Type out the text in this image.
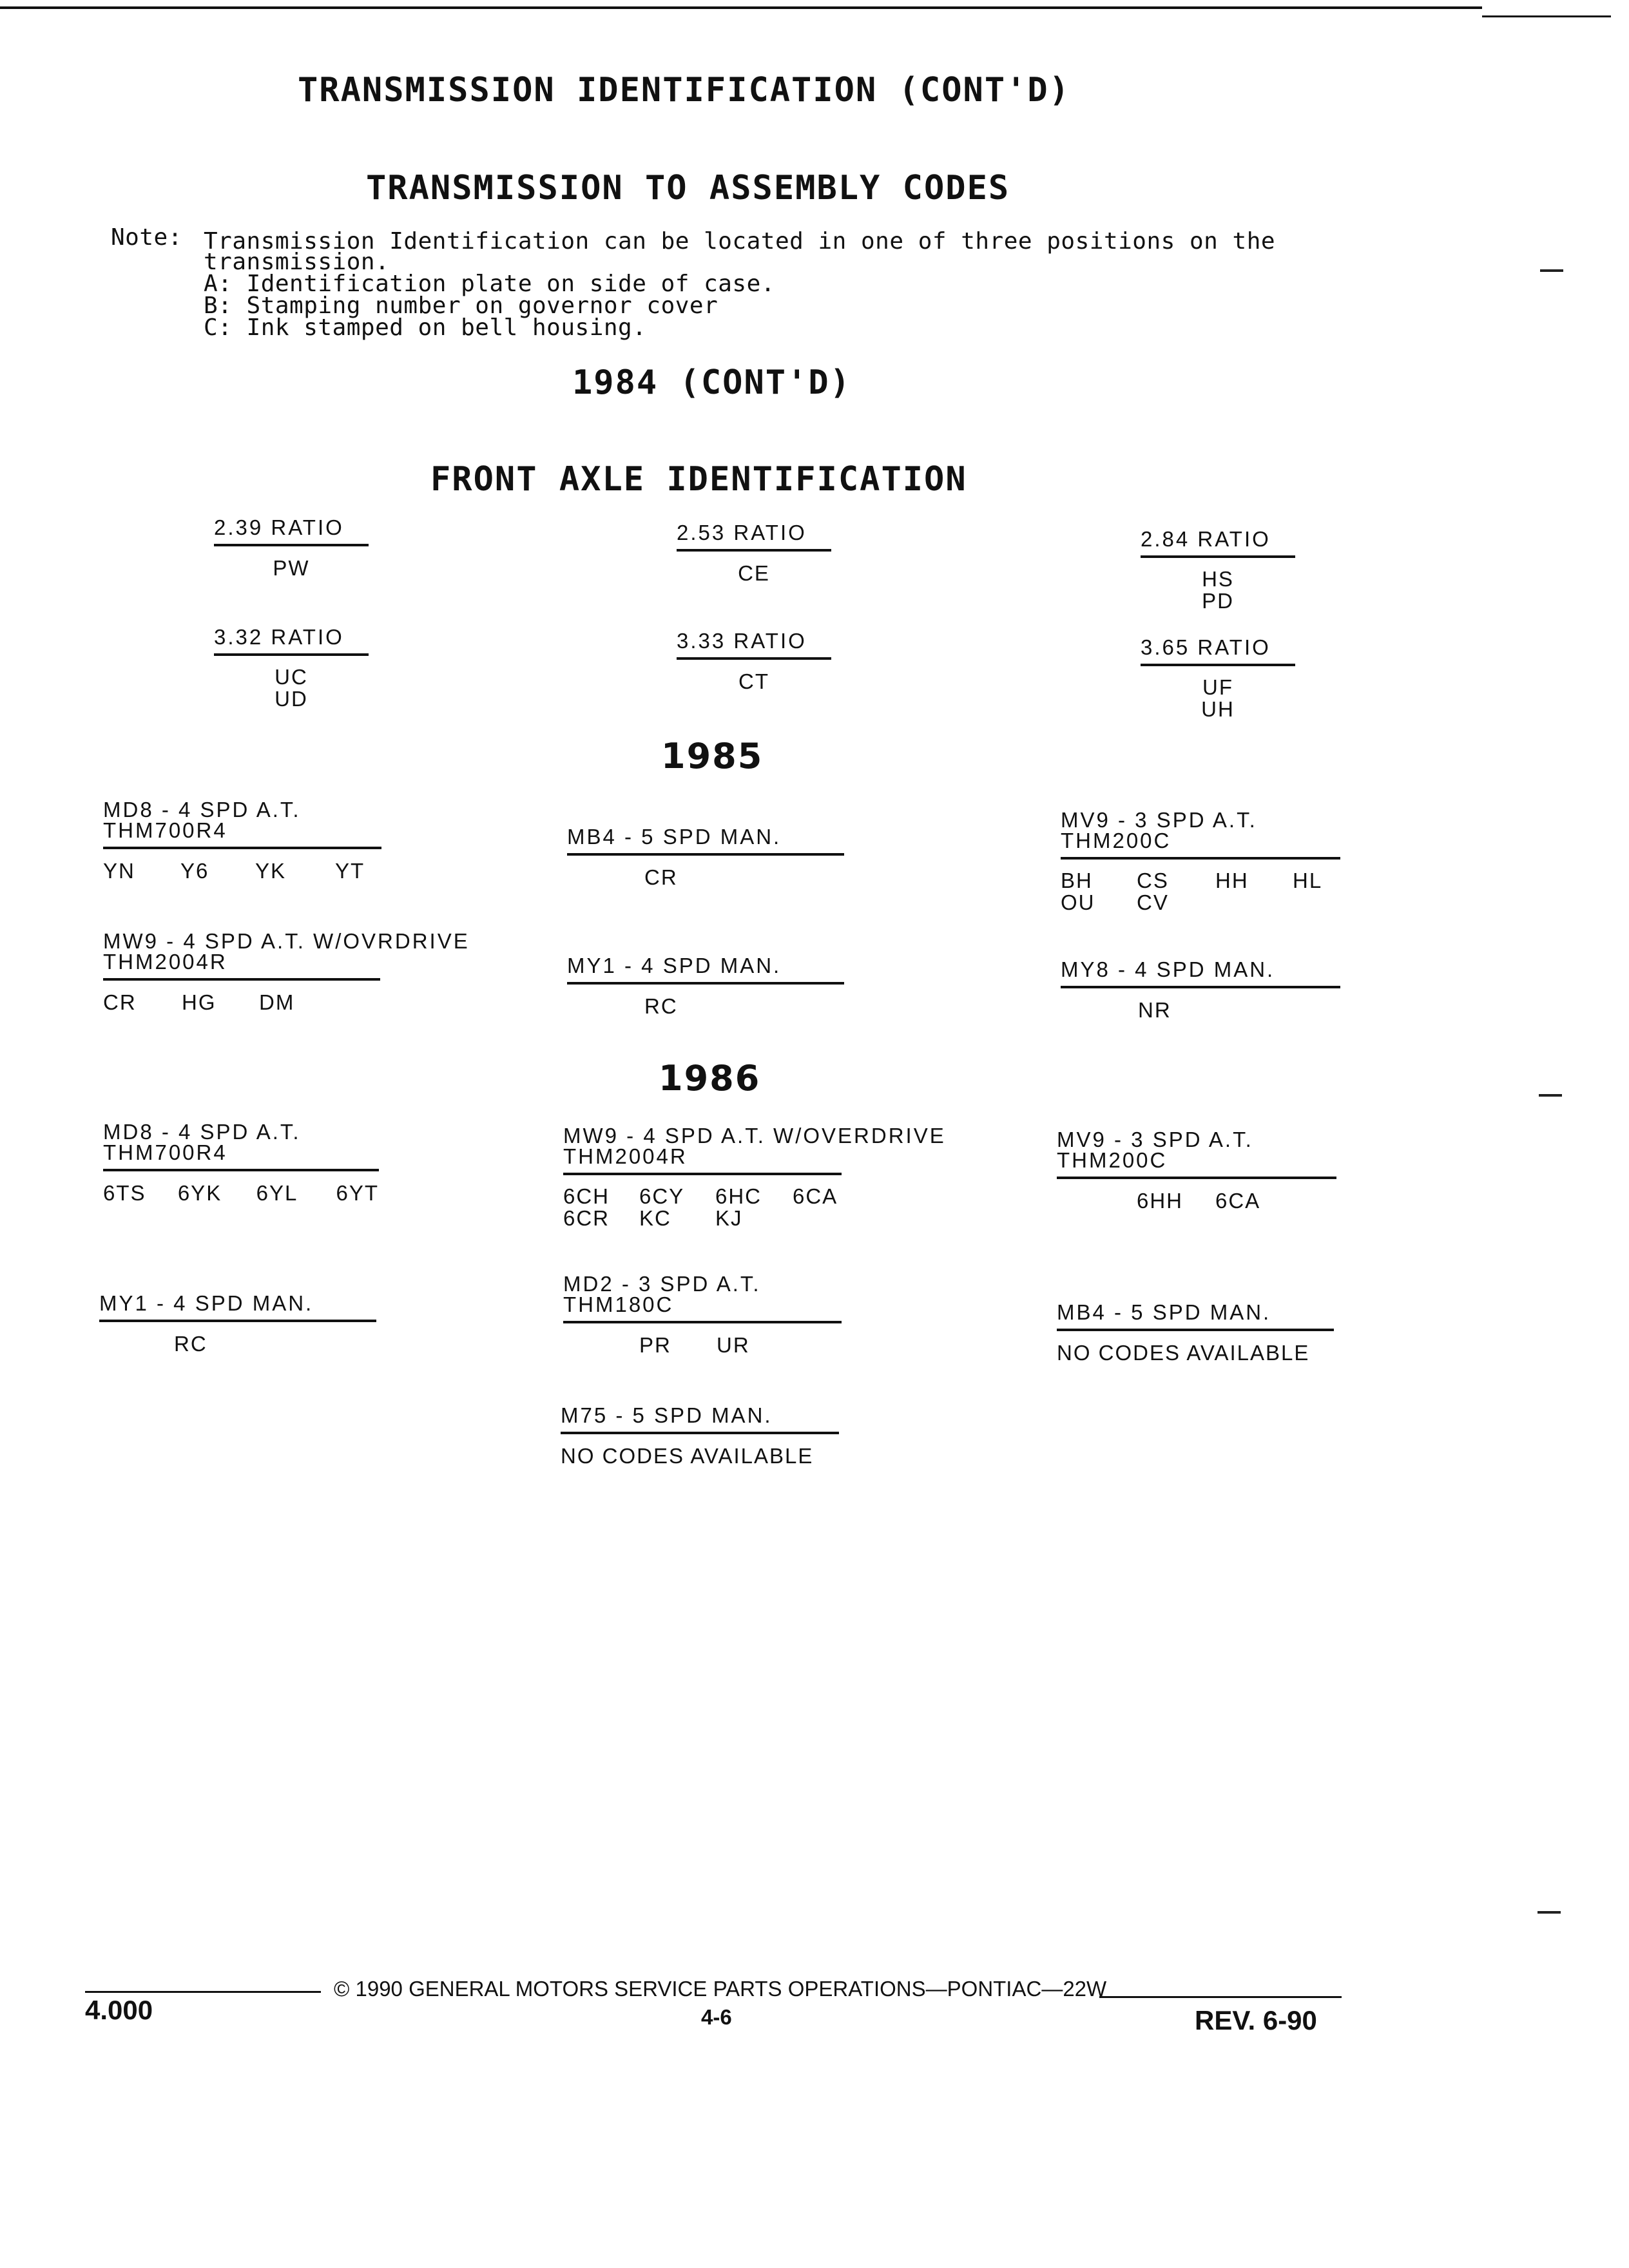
TRANSMISSION IDENTIFICATION (CONT'D)
TRANSMISSION TO ASSEMBLY CODES
Note: Transmission Identification can be located in one of three positions on the
transmission.
A: Identification plate on side of case.
B: Stamping number on governor cover
C: Ink stamped on bell housing.
1984 (CONT'D)
FRONT AXLE IDENTIFICATION
2.39 RATIO
PW
2.53 RATIO
CE
2.84 RATIO
HS
PD
3.32 RATIO
UC
UD
3.33 RATIO
CT
3.65 RATIO
UF
UH
1985
MD8 - 4 SPD A.T.
THM700R4
YN	Y6	YK	YT
MB4 - 5 SPD MAN.
CR
MV9 - 3 SPD A.T.
THM200C
BH	CS	HH	HL
OU	CV
MW9 - 4 SPD A.T. W/OVRDRIVE
THM2004R
CR	HG	DM
MY1 - 4 SPD MAN.
RC
MY8 - 4 SPD MAN.
NR
1986
MD8 - 4 SPD A.T.
THM700R4
6TS	6YK	6YL	6YT
MW9 - 4 SPD A.T. W/OVERDRIVE
THM2004R
6CH	6CY	6HC	6CA
6CR	KC	KJ
MV9 - 3 SPD A.T.
THM200C
6HH	6CA
MY1 - 4 SPD MAN.
RC
MD2 - 3 SPD A.T.
THM180C
PR	UR
MB4 - 5 SPD MAN.
NO CODES AVAILABLE
M75 - 5 SPD MAN.
NO CODES AVAILABLE
© 1990 GENERAL MOTORS SERVICE PARTS OPERATIONS—PONTIAC—22W
4-6
4.000	REV. 6-90
